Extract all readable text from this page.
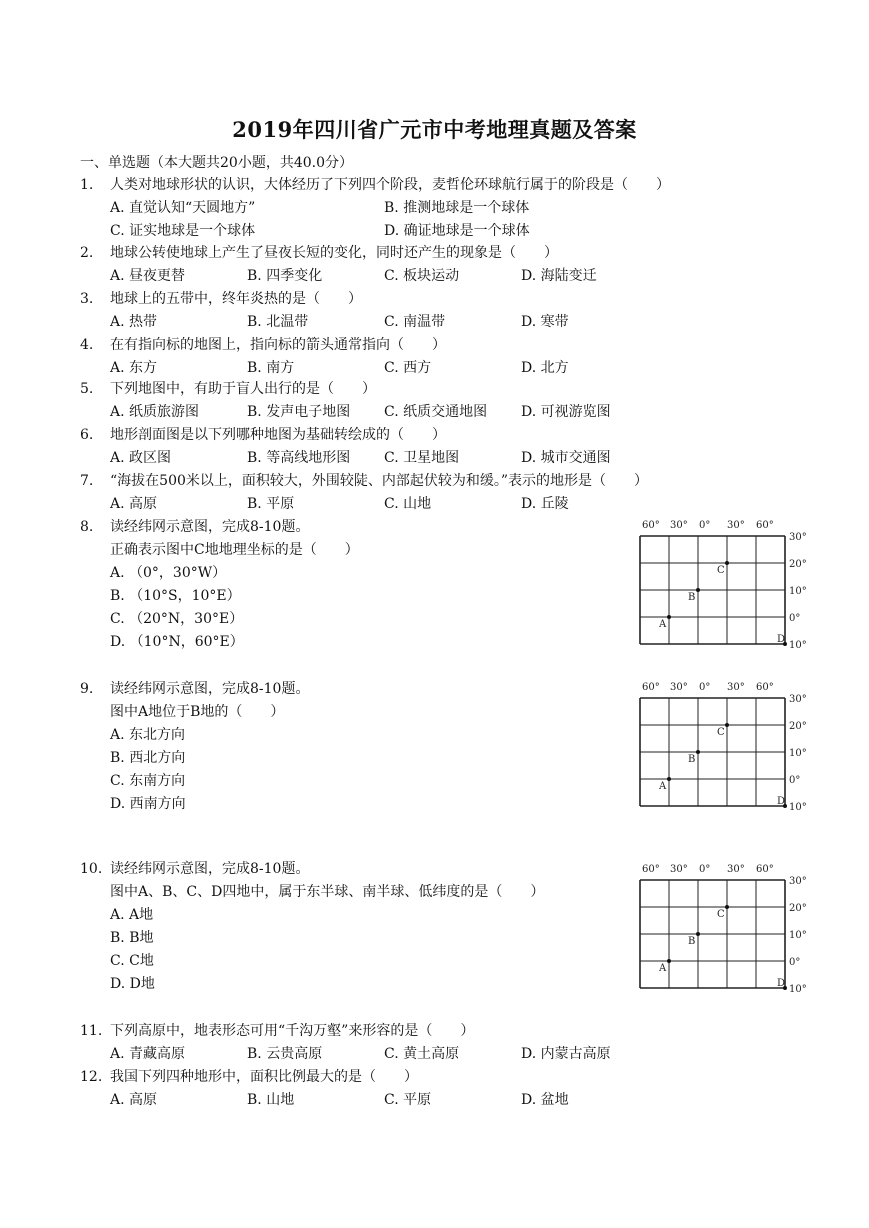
2019年四川省广元市中考地理真题及答案
一、单选题（本大题共20小题，共40.0分）
1. 人类对地球形状的认识，大体经历了下列四个阶段，麦哲伦环球航行属于的阶段是（　　）
A. 直觉认知“天圆地方”	B. 推测地球是一个球体
C. 证实地球是一个球体	D. 确证地球是一个球体
2. 地球公转使地球上产生了昼夜长短的变化，同时还产生的现象是（　　）
A. 昼夜更替	B. 四季变化	C. 板块运动	D. 海陆变迁
3. 地球上的五带中，终年炎热的是（　　）
A. 热带	B. 北温带	C. 南温带	D. 寒带
4. 在有指向标的地图上，指向标的箭头通常指向（　　）
A. 东方	B. 南方	C. 西方	D. 北方
5. 下列地图中，有助于盲人出行的是（　　）
A. 纸质旅游图	B. 发声电子地图 C. 纸质交通地图 D. 可视游览图
6. 地形剖面图是以下列哪种地图为基础转绘成的（　　）
A. 政区图	B. 等高线地形图 C. 卫星地图	D. 城市交通图
7. “海拔在500米以上，面积较大，外围较陡、内部起伏较为和缓。”表示的地形是（　　）
A. 高原	B. 平原	C. 山地	D. 丘陵
8. 读经纬网示意图，完成8-10题。
正确表示图中C地地理坐标的是（　　）
A. （0°，30°W）
B. （10°S，10°E）
C. （20°N，30°E）
D. （10°N，60°E）
9. 读经纬网示意图，完成8-10题。
图中A地位于B地的（　　）
A. 东北方向
B. 西北方向
C. 东南方向
D. 西南方向
10. 读经纬网示意图，完成8-10题。
图中A、B、C、D四地中，属于东半球、南半球、低纬度的是（　　）
A. A地
B. B地
C. C地
D. D地
11. 下列高原中，地表形态可用“千沟万壑”来形容的是（　　）
A. 青藏高原	B. 云贵高原	C. 黄土高原	D. 内蒙古高原
12. 我国下列四种地形中，面积比例最大的是（　　）
A. 高原	B. 山地	C. 平原	D. 盆地
60° 30° 0° 30° 60°
30°
20°
10°
0°
10°
A
B
C
D
60° 30° 0° 30° 60°
30°
20°
10°
0°
10°
A
B
C
D
60° 30° 0° 30° 60°
30°
20°
10°
0°
10°
A
B
C
D
